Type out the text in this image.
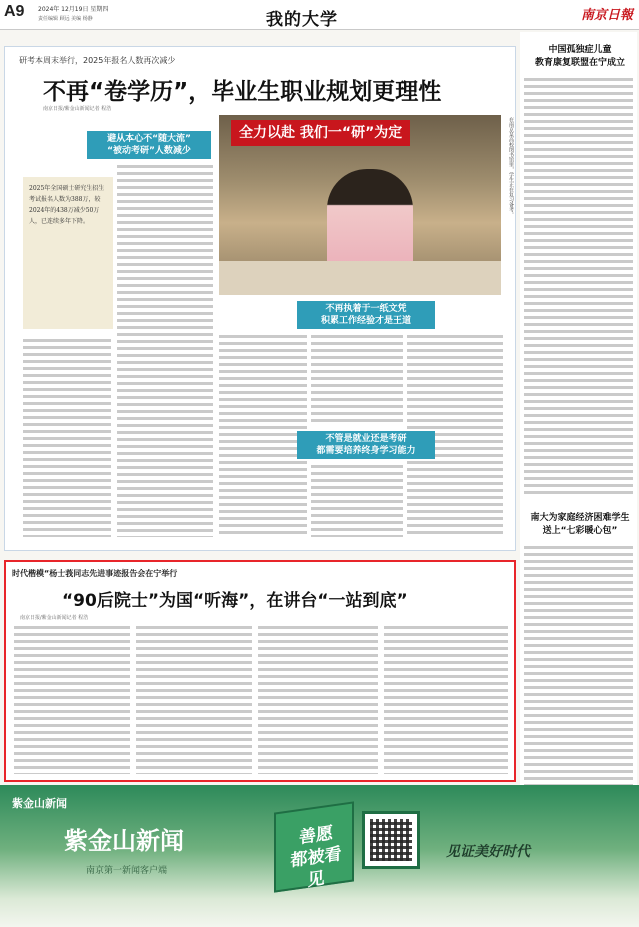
A9 2024年 12月19日 星期四
责任编辑 顾远 美编 杨静	我的大学	南京日報
研考本周末举行，2025年报名人数再次减少
不再“卷学历”，毕业生职业规划更理性
南京日报/紫金山新闻记者 程浩
全力以赴 我们一“研”为定	在南京某高校图书馆里，学生正在复习备考。
避从本心不“随大流”
“被动考研”人数减少
2025年全国硕士研究生招生考试报名人数为388万，较2024年的438万减少50万人，已连续多年下降。
不再执着于一纸文凭
积累工作经验才是王道
不管是就业还是考研
都需要培养终身学习能力
时代楷模“杨士莪同志先进事迹报告会在宁举行
“90后院士”为国“听海”，在讲台“一站到底”
南京日报/紫金山新闻记者 程浩
中国孤独症儿童
教育康复联盟在宁成立
南大为家庭经济困难学生
送上“七彩暖心包”
紫金山新闻
紫金山新闻
南京第一新闻客户端
善愿
都被看见
见证美好时代
